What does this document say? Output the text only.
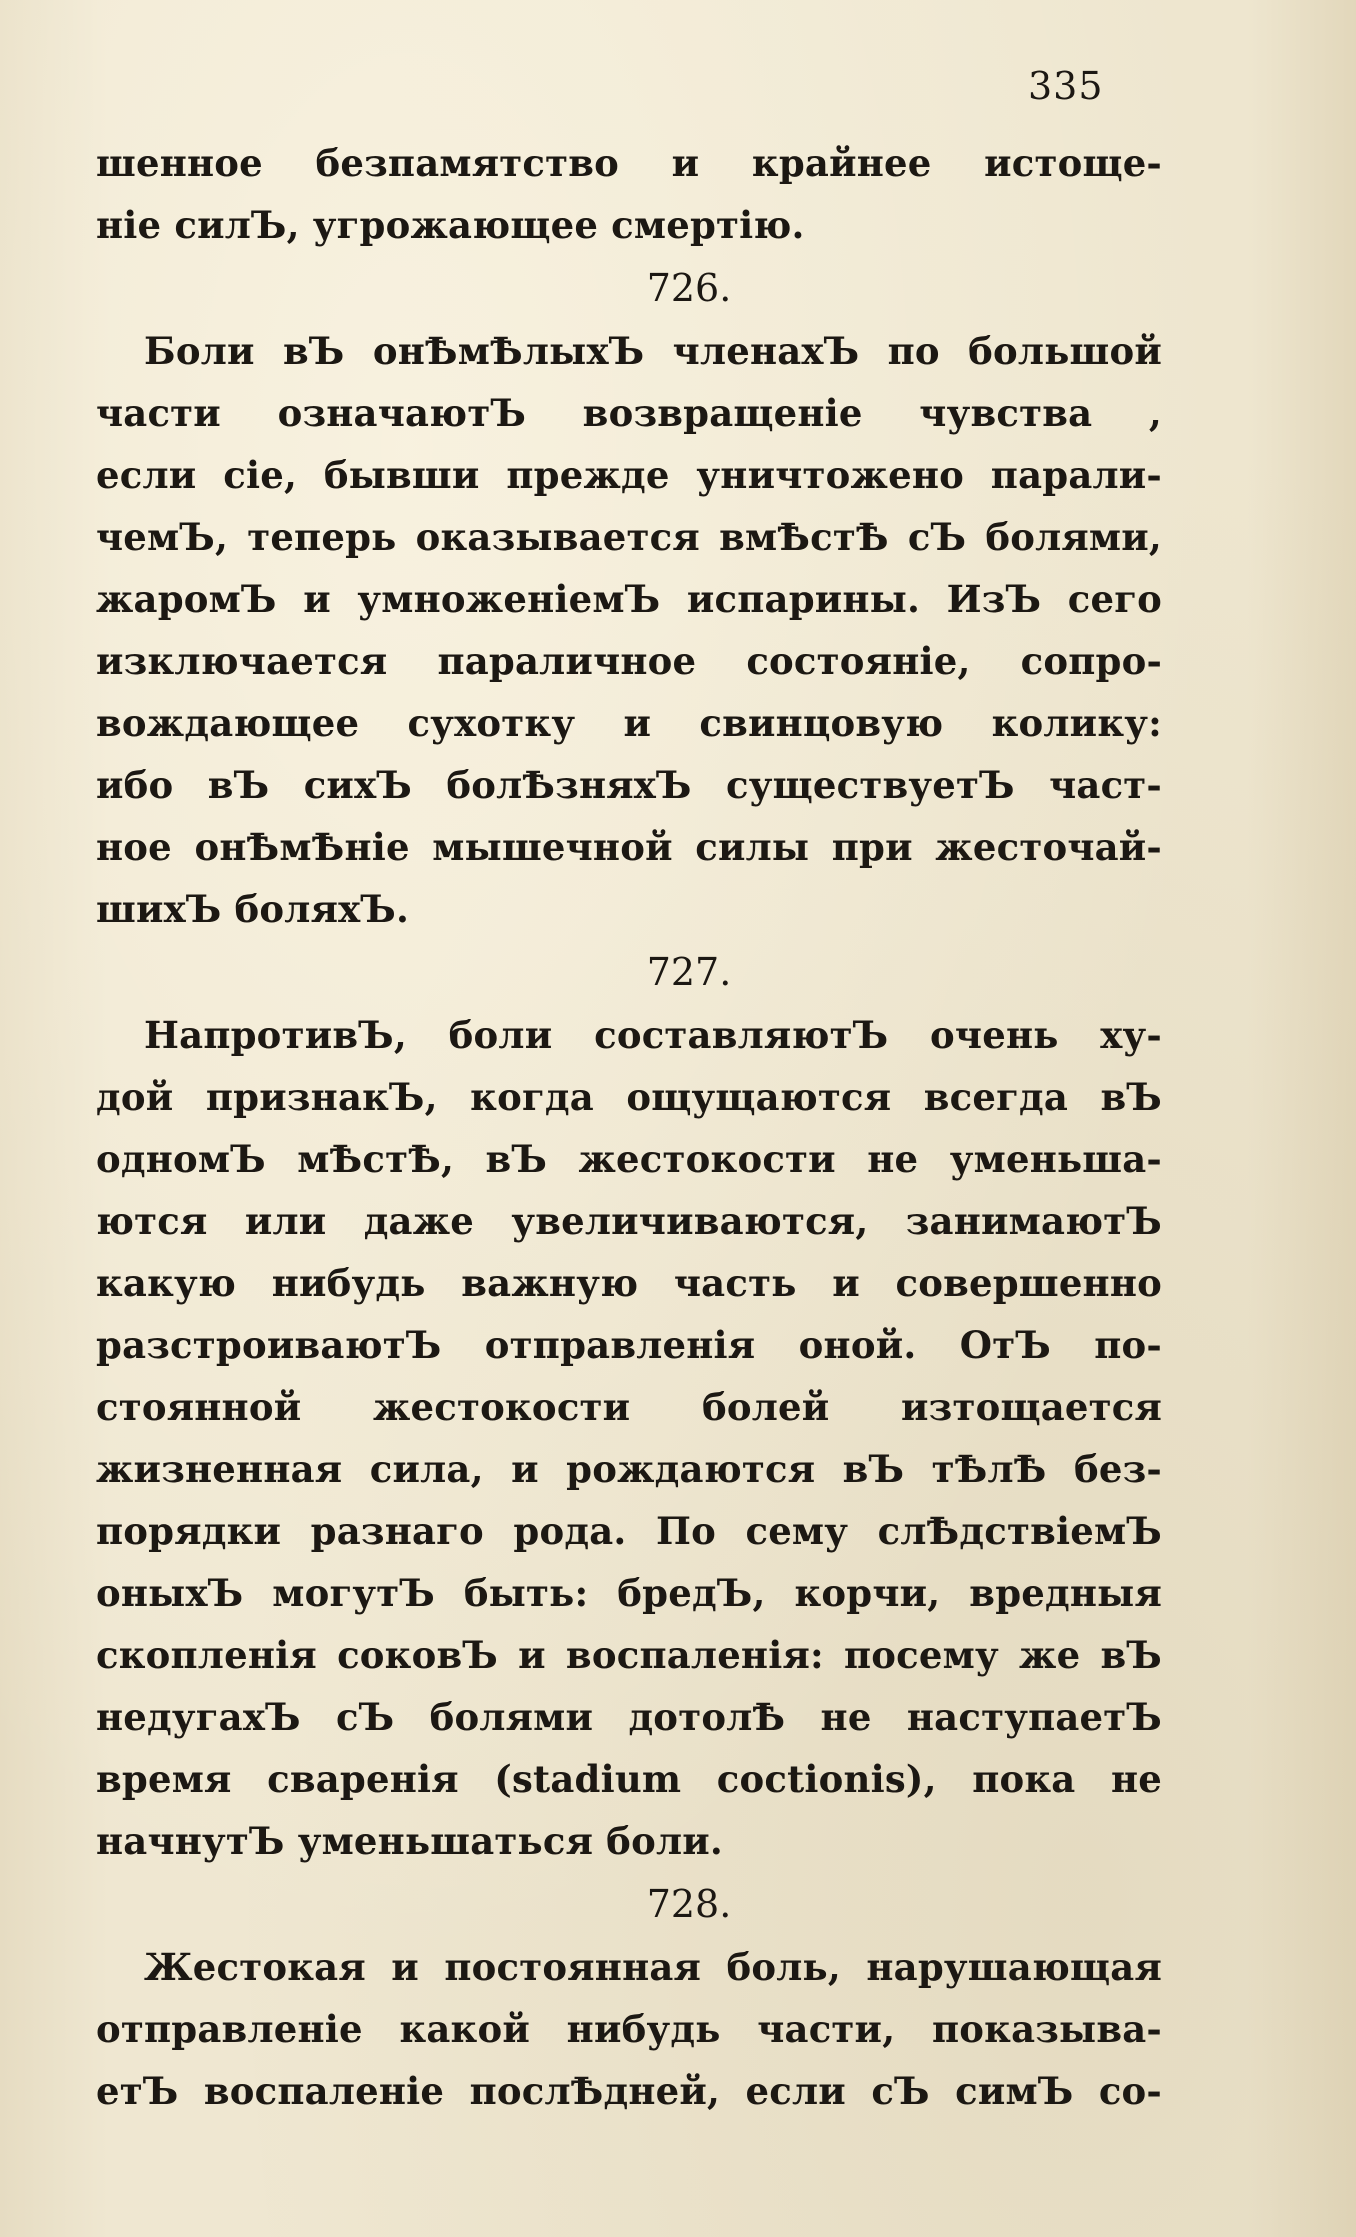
335
шенное безпамятство и крайнее истоще-
ніе силЪ, угрожающее смертію.
726.
Боли вЪ онѢмѢлыхЪ членахЪ по большой
части означаютЪ возвращеніе чувства ,
если сіе, бывши прежде уничтожено парали-
чемЪ, теперь оказывается вмѢстѢ сЪ болями,
жаромЪ и умноженіемЪ испарины. ИзЪ сего
изключается параличное состояніе, сопро-
вождающее сухотку и свинцовую колику:
ибо вЪ сихЪ болѢзняхЪ существуетЪ част-
ное онѢмѢніе мышечной силы при жесточай-
шихЪ боляхЪ.
727.
НапротивЪ, боли составляютЪ очень ху-
дой признакЪ, когда ощущаются всегда вЪ
одномЪ мѢстѢ, вЪ жестокости не уменьша-
ются или даже увеличиваются, занимаютЪ
какую нибудь важную часть и совершенно
разстроиваютЪ отправленія оной. ОтЪ по-
стоянной жестокости болей изтощается
жизненная сила, и рождаются вЪ тѢлѢ без-
порядки разнаго рода. По сему слѢдствіемЪ
оныхЪ могутЪ быть: бредЪ, корчи, вредныя
скопленія соковЪ и воспаленія: посему же вЪ
недугахЪ сЪ болями дотолѢ не наступаетЪ
время сваренія (stadium coctionis), пока не
начнутЪ уменьшаться боли.
728.
Жестокая и постоянная боль, нарушающая
отправленіе какой нибудь части, показыва-
етЪ воспаленіе послѢдней, если сЪ симЪ со-
